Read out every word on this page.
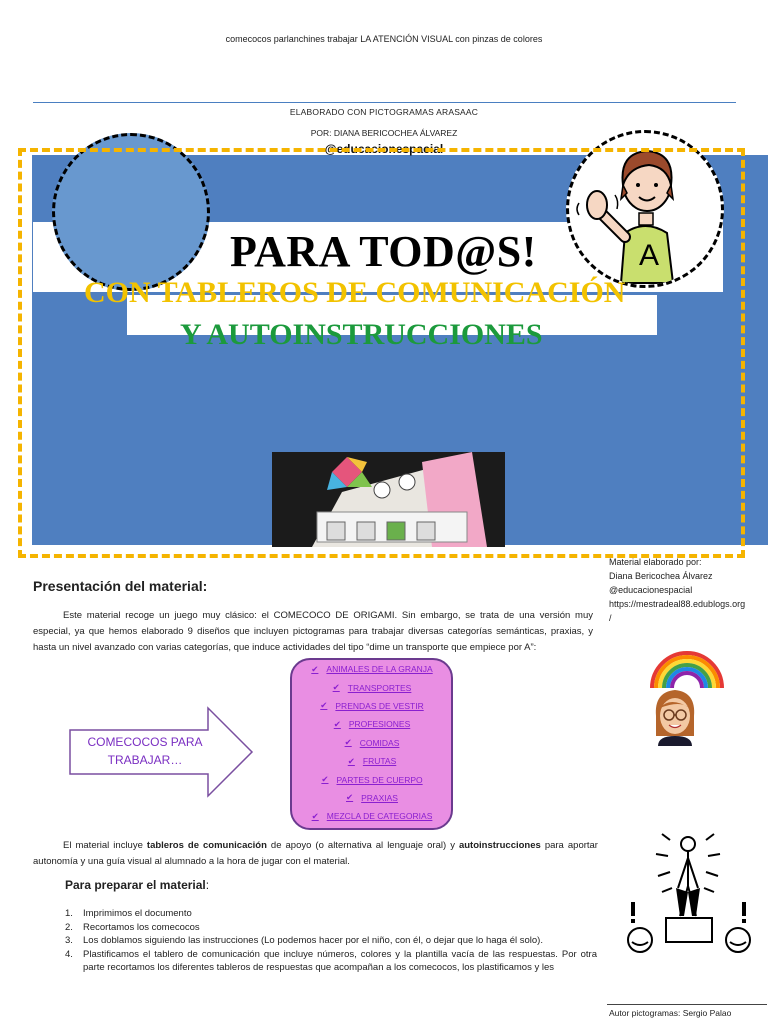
comecocos parlanchines trabajar LA ATENCIÓN VISUAL con pinzas de colores
ELABORADO CON PICTOGRAMAS ARASAAC
POR: DIANA BERICOCHEA ÁLVAREZ
@educacionespacial
A
PARA TOD@S!
CON TABLEROS DE COMUNICACIÓN
Y AUTOINSTRUCCIONES
Material elaborado por:
Diana Bericochea Álvarez
@educacionespacial
https://mestradeal88.edublogs.org
/
Presentación del material:
Este material recoge un juego muy clásico: el COMECOCO DE ORIGAMI. Sin embargo, se trata de una versión muy especial, ya que hemos elaborado 9 diseños que incluyen pictogramas para trabajar diversas categorías semánticas, praxias, y hasta un nivel avanzado con varias categorías, que induce actividades del tipo “dime un transporte que empiece por A”:
COMECOCOS PARA
TRABAJAR…
✔ ANIMALES DE LA GRANJA
✔ TRANSPORTES
✔ PRENDAS DE VESTIR
✔ PROFESIONES
✔ COMIDAS
✔ FRUTAS
✔ PARTES DE CUERPO
✔ PRAXIAS
✔ MEZCLA DE CATEGORIAS
El material incluye tableros de comunicación de apoyo (o alternativa al lenguaje oral) y autoinstrucciones para aportar autonomía y una guía visual al alumnado a la hora de jugar con el material.
Para preparar el material:
1.	Imprimimos el documento
2.	Recortamos los comecocos
3.	Los doblamos siguiendo las instrucciones (Lo podemos hacer por el niño, con él, o dejar que lo haga él solo).
4.	Plastificamos el tablero de comunicación que incluye números, colores y la plantilla vacía de las respuestas. Por otra parte recortamos los diferentes tableros de respuestas que acompañan a los comecocos, los plastificamos y les
Autor pictogramas: Sergio Palao
